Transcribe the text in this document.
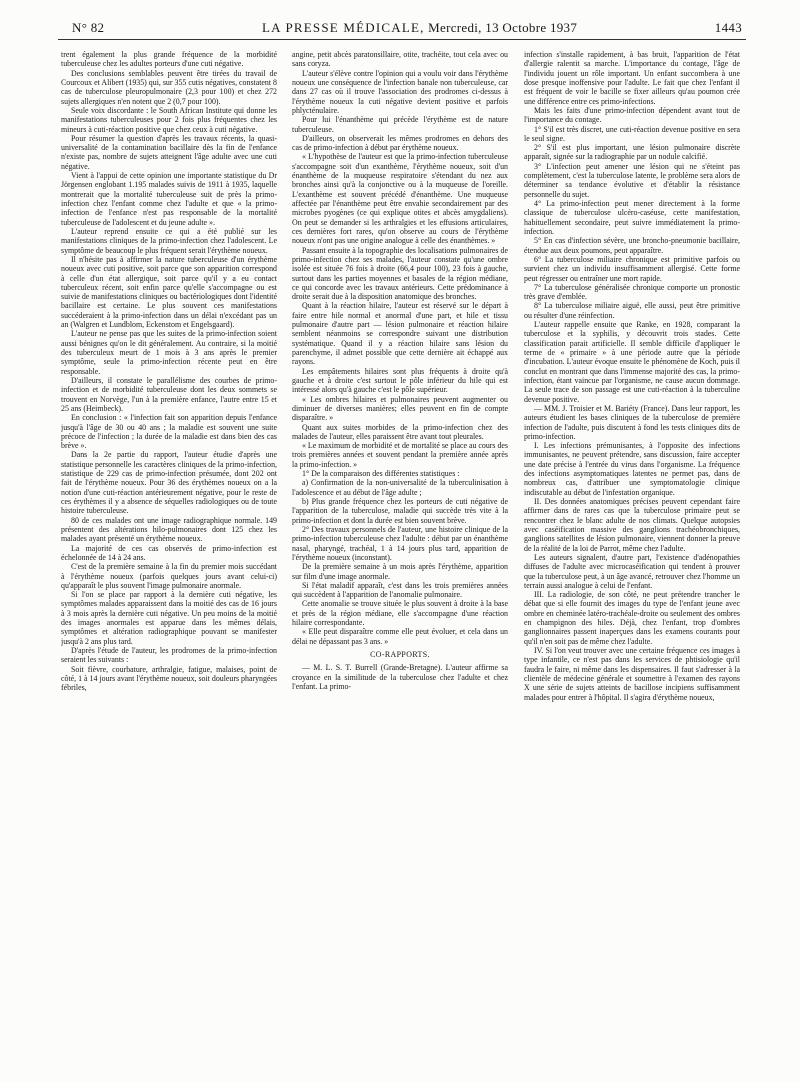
N° 82	LA PRESSE MÉDICALE, Mercredi, 13 Octobre 1937	1443

trent également la plus grande fréquence de la morbidité tuberculeuse chez les adultes porteurs d'une cuti négative.

Des conclusions semblables peuvent être tirées du travail de Courcoux et Alibert (1935) qui, sur 355 cutis négatives, constatent 8 cas de tuberculose pleuropulmonaire (2,3 pour 100) et chez 272 sujets allergiques n'en notent que 2 (0,7 pour 100).

Seule voix discordante : le South African Institute qui donne les manifestations tuberculeuses pour 2 fois plus fréquentes chez les mineurs à cuti-réaction positive que chez ceux à cuti négative.

Pour résumer la question d'après les travaux récents, la quasi-universalité de la contamination bacillaire dès la fin de l'enfance n'existe pas, nombre de sujets atteignent l'âge adulte avec une cuti négative.

Vient à l'appui de cette opinion une importante statistique du Dr Jörgensen englobant 1.195 malades suivis de 1911 à 1935, laquelle montrerait que la mortalité tuberculeuse suit de près la primo-infection chez l'enfant comme chez l'adulte et que « la primo-infection de l'enfance n'est pas responsable de la mortalité tuberculeuse de l'adolescent et du jeune adulte ».

L'auteur reprend ensuite ce qui a été publié sur les manifestations cliniques de la primo-infection chez l'adolescent. Le symptôme de beaucoup le plus fréquent serait l'érythème noueux.

Il n'hésite pas à affirmer la nature tuberculeuse d'un érythème noueux avec cuti positive, soit parce que son apparition correspond à celle d'un état allergique, soit parce qu'il y a eu contact tuberculeux récent, soit enfin parce qu'elle s'accompagne ou est suivie de manifestations cliniques ou bactériologiques dont l'identité bacillaire est certaine. Le plus souvent ces manifestations succéderaient à la primo-infection dans un délai n'excédant pas un an (Walgren et Lundblom, Eckenstom et Engelsgaard).

L'auteur ne pense pas que les suites de la primo-infection soient aussi bénignes qu'on le dit généralement. Au contraire, si la moitié des tuberculeux meurt de 1 mois à 3 ans après le premier symptôme, seule la primo-infection récente peut en être responsable.

D'ailleurs, il constate le parallélisme des courbes de primo-infection et de morbidité tuberculeuse dont les deux sommets se trouvent en Norvège, l'un à la première enfance, l'autre entre 15 et 25 ans (Heimbeck).

En conclusion : « l'infection fait son apparition depuis l'enfance jusqu'à l'âge de 30 ou 40 ans ; la maladie est souvent une suite précoce de l'infection ; la durée de la maladie est dans bien des cas brève ».

Dans la 2e partie du rapport, l'auteur étudie d'après une statistique personnelle les caractères cliniques de la primo-infection, statistique de 229 cas de primo-infection présumée, dont 202 ont fait de l'érythème noueux. Pour 36 des érythèmes noueux on a la notion d'une cuti-réaction antérieurement négative, pour le reste de ces érythèmes il y a absence de séquelles radiologiques ou de toute histoire tuberculeuse.

80 de ces malades ont une image radiographique normale. 149 présentent des altérations hilo-pulmonaires dont 125 chez les malades ayant présenté un érythème noueux.

La majorité de ces cas observés de primo-infection est échelonnée de 14 à 24 ans.

C'est de la première semaine à la fin du premier mois succédant à l'érythème noueux (parfois quelques jours avant celui-ci) qu'apparaît le plus souvent l'image pulmonaire anormale.

Si l'on se place par rapport à la dernière cuti négative, les symptômes malades apparaissent dans la moitié des cas de 16 jours à 3 mois après la dernière cuti négative. Un peu moins de la moitié des images anormales est apparue dans les mêmes délais, symptômes et altération radiographique pouvant se manifester jusqu'à 2 ans plus tard.

D'après l'étude de l'auteur, les prodromes de la primo-infection seraient les suivants :

Soit fièvre, courbature, arthralgie, fatigue, malaises, point de côté, 1 à 14 jours avant l'érythème noueux, soit douleurs pharyngées fébriles,

angine, petit abcès paratonsillaire, otite, trachéite, tout cela avec ou sans coryza.

L'auteur s'élève contre l'opinion qui a voulu voir dans l'érythème noueux une conséquence de l'infection banale non tuberculeuse, car dans 27 cas où il trouve l'association des prodromes ci-dessus à l'érythème noueux la cuti négative devient positive et parfois phlycténulaire.

Pour lui l'énanthème qui précède l'érythème est de nature tuberculeuse.

D'ailleurs, on observerait les mêmes prodromes en dehors des cas de primo-infection à début par érythème noueux.

« L'hypothèse de l'auteur est que la primo-infection tuberculeuse s'accompagne soit d'un exanthème, l'érythème noueux, soit d'un énanthème de la muqueuse respiratoire s'étendant du nez aux bronches ainsi qu'à la conjonctive ou à la muqueuse de l'oreille. L'exanthème est souvent précédé d'énanthème. Une muqueuse affectée par l'énanthème peut être envahie secondairement par des microbes pyogènes (ce qui explique otites et abcès amygdaliens). On peut se demander si les arthralgies et les effusions articulaires, ces dernières fort rares, qu'on observe au cours de l'érythème noueux n'ont pas une origine analogue à celle des énanthèmes. »

Passant ensuite à la topographie des localisations pulmonaires de primo-infection chez ses malades, l'auteur constate qu'une ombre isolée est située 76 fois à droite (66,4 pour 100), 23 fois à gauche, surtout dans les parties moyennes et basales de la région médiane, ce qui concorde avec les travaux antérieurs. Cette prédominance à droite serait due à la disposition anatomique des bronches.

Quant à la réaction hilaire, l'auteur est réservé sur le départ à faire entre hile normal et anormal d'une part, et hile et tissu pulmonaire d'autre part — lésion pulmonaire et réaction hilaire semblent néanmoins se correspondre suivant une distribution systématique. Quand il y a réaction hilaire sans lésion du parenchyme, il admet possible que cette dernière ait échappé aux rayons.

Les empâtements hilaires sont plus fréquents à droite qu'à gauche et à droite c'est surtout le pôle inférieur du hile qui est intéressé alors qu'à gauche c'est le pôle supérieur.

« Les ombres hilaires et pulmonaires peuvent augmenter ou diminuer de diverses manières; elles peuvent en fin de compte disparaître. »

Quant aux suites morbides de la primo-infection chez des malades de l'auteur, elles paraissent être avant tout pleurales.

« Le maximum de morbidité et de mortalité se place au cours des trois premières années et souvent pendant la première année après la primo-infection. »

1° De la comparaison des différentes statistiques :

a) Confirmation de la non-universalité de la tuberculinisation à l'adolescence et au début de l'âge adulte ;

b) Plus grande fréquence chez les porteurs de cuti négative de l'apparition de la tuberculose, maladie qui succède très vite à la primo-infection et dont la durée est bien souvent brève.

2° Des travaux personnels de l'auteur, une histoire clinique de la primo-infection tuberculeuse chez l'adulte : début par un énanthème nasal, pharyngé, trachéal, 1 à 14 jours plus tard, apparition de l'érythème noueux (inconstant).

De la première semaine à un mois après l'érythème, apparition sur film d'une image anormale.

Si l'état maladif apparaît, c'est dans les trois premières années qui succèdent à l'apparition de l'anomalie pulmonaire.

Cette anomalie se trouve située le plus souvent à droite à la base et près de la région médiane, elle s'accompagne d'une réaction hilaire correspondante.

« Elle peut disparaître comme elle peut évoluer, et cela dans un délai ne dépassant pas 3 ans. »

CO-RAPPORTS.

— M. L. S. T. Burrell (Grande-Bretagne). L'auteur affirme sa croyance en la similitude de la tuberculose chez l'adulte et chez l'enfant. La primo-

infection s'installe rapidement, à bas bruit, l'apparition de l'état d'allergie ralentit sa marche. L'importance du contage, l'âge de l'individu jouent un rôle important. Un enfant succombera à une dose presque inoffensive pour l'adulte. Le fait que chez l'enfant il est fréquent de voir le bacille se fixer ailleurs qu'au poumon crée une différence entre ces primo-infections.

Mais les faits d'une primo-infection dépendent avant tout de l'importance du contage.

1° S'il est très discret, une cuti-réaction devenue positive en sera le seul signe.

2° S'il est plus important, une lésion pulmonaire discrète apparaît, signée sur la radiographie par un nodule calcifié.

3° L'infection peut amener une lésion qui ne s'éteint pas complètement, c'est la tuberculose latente, le problème sera alors de déterminer sa tendance évolutive et d'établir la résistance personnelle du sujet.

4° La primo-infection peut mener directement à la forme classique de tuberculose ulcéro-caséuse, cette manifestation, habituellement secondaire, peut suivre immédiatement la primo-infection.

5° En cas d'infection sévère, une broncho-pneumonie bacillaire, étendue aux deux poumons, peut apparaître.

6° La tuberculose miliaire chronique est primitive parfois ou survient chez un individu insuffisamment allergisé. Cette forme peut régresser ou entraîner une mort rapide.

7° La tuberculose généralisée chronique comporte un pronostic très grave d'emblée.

8° La tuberculose miliaire aiguë, elle aussi, peut être primitive ou résulter d'une réinfection.

L'auteur rappelle ensuite que Ranke, en 1928, comparant la tuberculose et la syphilis, y découvrit trois stades. Cette classification parait artificielle. Il semble difficile d'appliquer le terme de « primaire » à une période autre que la période d'incubation. L'auteur évoque ensuite le phénomène de Koch, puis il conclut en montrant que dans l'immense majorité des cas, la primo-infection, étant vaincue par l'organisme, ne cause aucun dommage. La seule trace de son passage est une cuti-réaction à la tuberculine devenue positive.

— MM. J. Troisier et M. Bariéty (France). Dans leur rapport, les auteurs étudient les bases cliniques de la tuberculose de première infection de l'adulte, puis discutent à fond les tests cliniques dits de primo-infection.

I. Les infections prémunisantes, à l'opposite des infections immunisantes, ne peuvent prétendre, sans discussion, faire accepter une date précise à l'entrée du virus dans l'organisme. La fréquence des infections asymptomatiques latentes ne permet pas, dans de nombreux cas, d'attribuer une symptomatologie clinique indiscutable au début de l'infestation organique.

II. Des données anatomiques précises peuvent cependant faire affirmer dans de rares cas que la tuberculose primaire peut se rencontrer chez le blanc adulte de nos climats. Quelque autopsies avec caséification massive des ganglions trachéobronchiques, ganglions satellites de lésion pulmonaire, viennent donner la preuve de la réalité de la loi de Parrot, même chez l'adulte.

Les auteurs signalent, d'autre part, l'existence d'adénopathies diffuses de l'adulte avec microcaséification qui tendent à prouver que la tuberculose peut, à un âge avancé, retrouver chez l'homme un terrain aussi analogue à celui de l'enfant.

III. La radiologie, de son côté, ne peut prétendre trancher le débat que si elle fournit des images du type de l'enfant jeune avec ombre en cheminée latéro-trachéale-droite ou seulement des ombres en champignon des hiles. Déjà, chez l'enfant, trop d'ombres ganglionnaires passent inaperçues dans les examens courants pour qu'il n'en soit pas de même chez l'adulte.

IV. Si l'on veut trouver avec une certaine fréquence ces images à type infantile, ce n'est pas dans les services de phtisiologie qu'il faudra le faire, ni même dans les dispensaires. Il faut s'adresser à la clientèle de médecine générale et soumettre à l'examen des rayons X une série de sujets atteints de bacillose incipiens suffisamment malades pour entrer à l'hôpital. Il s'agira d'érythème noueux,
